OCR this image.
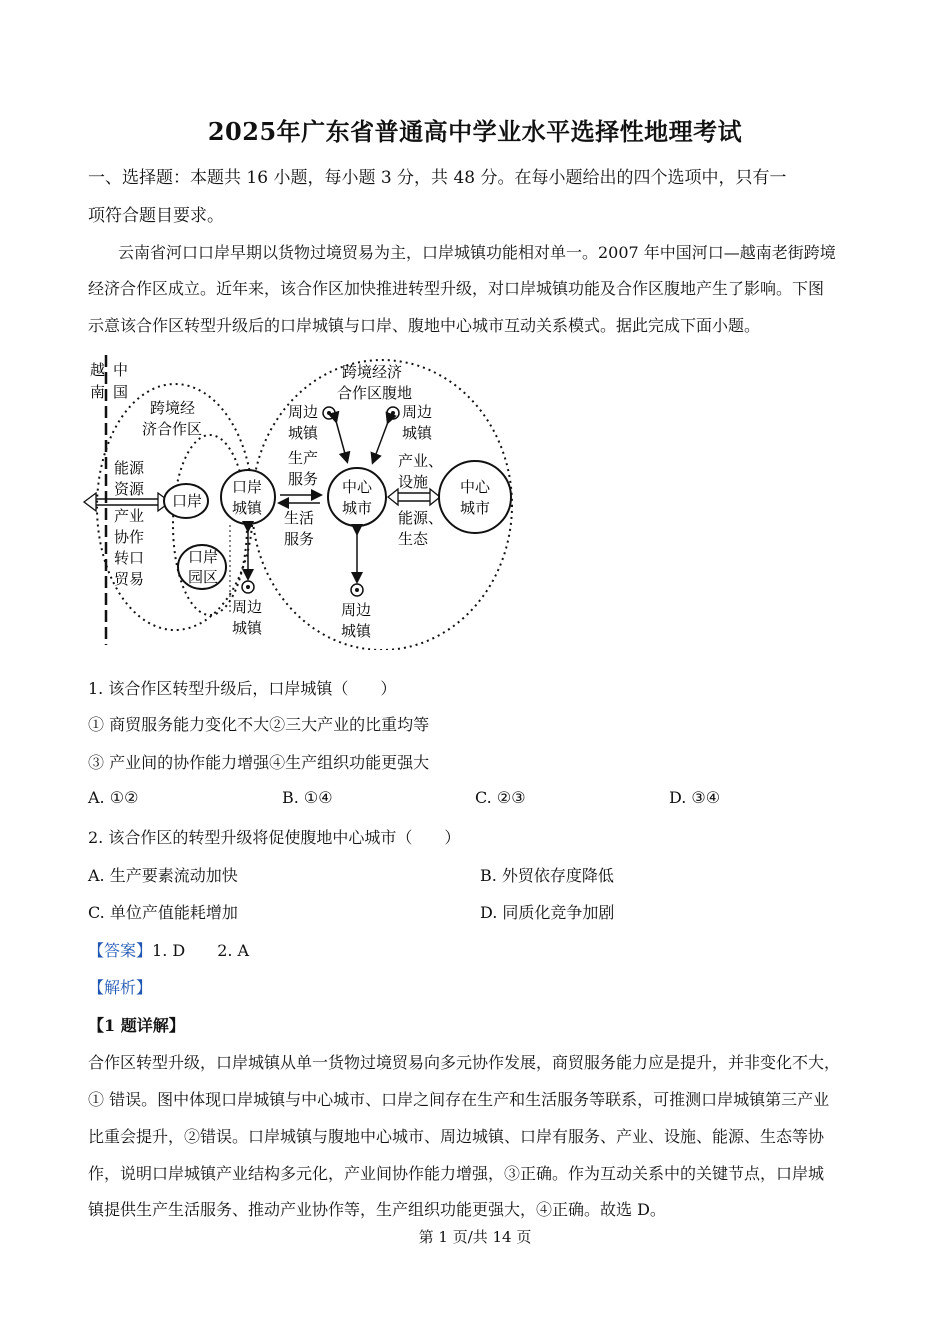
2025年广东省普通高中学业水平选择性地理考试
一、选择题：本题共 16 小题，每小题 3 分，共 48 分。在每小题给出的四个选项中，只有一
项符合题目要求。
云南省河口口岸早期以货物过境贸易为主，口岸城镇功能相对单一。2007 年中国河口—越南老街跨境
经济合作区成立。近年来，该合作区加快推进转型升级，对口岸城镇功能及合作区腹地产生了影响。下图
示意该合作区转型升级后的口岸城镇与口岸、腹地中心城市互动关系模式。据此完成下面小题。
越
南
中
国
跨境经
济合作区
跨境经济
合作区腹地
能源
资源
产业
协作
转口
贸易
口岸
口岸
园区
口岸
城镇
生产
服务
生活
服务
中心
城市
产业、
设施
能源、
生态
中心
城市
周边
城镇
周边
城镇
周边
城镇
周边
城镇
1. 该合作区转型升级后，口岸城镇（　　）
① 商贸服务能力变化不大②三大产业的比重均等
③ 产业间的协作能力增强④生产组织功能更强大
A. ①②	B. ①④	C. ②③	D. ③④
2. 该合作区的转型升级将促使腹地中心城市（　　）
A. 生产要素流动加快	B. 外贸依存度降低
C. 单位产值能耗增加	D. 同质化竞争加剧
【答案】1. D　　2. A
【解析】
【1 题详解】
合作区转型升级，口岸城镇从单一货物过境贸易向多元协作发展，商贸服务能力应是提升，并非变化不大，
① 错误。图中体现口岸城镇与中心城市、口岸之间存在生产和生活服务等联系，可推测口岸城镇第三产业
比重会提升，②错误。口岸城镇与腹地中心城市、周边城镇、口岸有服务、产业、设施、能源、生态等协
作，说明口岸城镇产业结构多元化，产业间协作能力增强，③正确。作为互动关系中的关键节点，口岸城
镇提供生产生活服务、推动产业协作等，生产组织功能更强大，④正确。故选 D。
第 1 页/共 14 页
